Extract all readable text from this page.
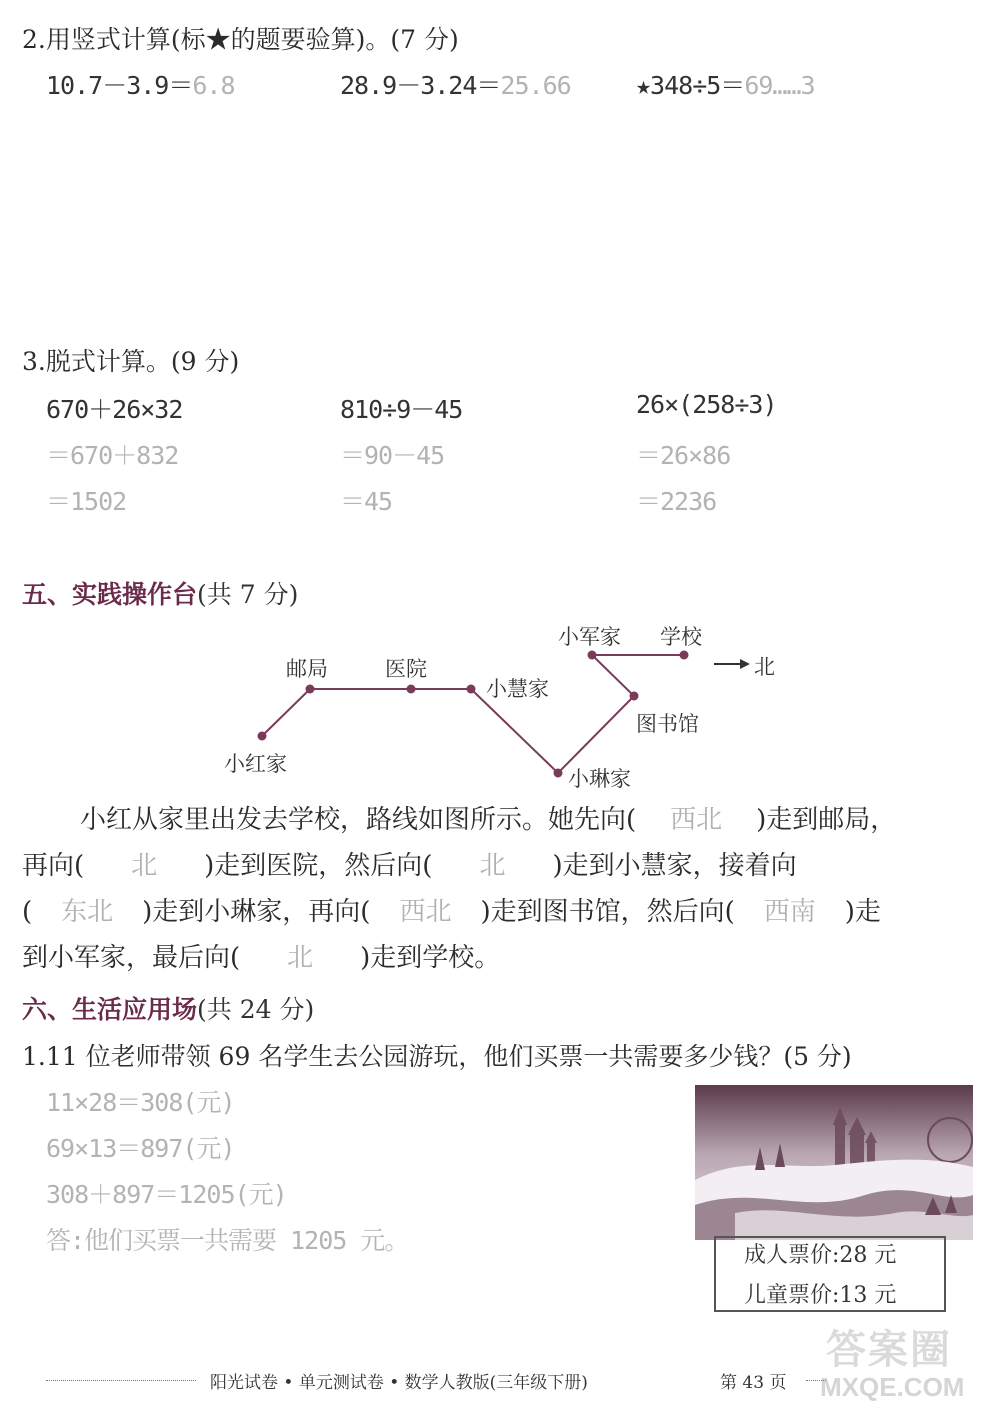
2.用竖式计算(标★的题要验算)。(7 分)
10.7－3.9＝6.8	28.9－3.24＝25.66	★348÷5＝69……3
3.脱式计算。(9 分)
670＋26×32
＝670＋832
＝1502
810÷9－45
＝90－45
＝45
26×(258÷3)
＝26×86
＝2236
五、实践操作台(共 7 分)
小红家
邮局	医院
小慧家
小琳家
图书馆
小军家 学校
北
小红从家里出发去学校，路线如图所示。她先向( 西北 )走到邮局，
再向( 北 )走到医院，然后向( 北 )走到小慧家，接着向
( 东北 )走到小琳家，再向( 西北 )走到图书馆，然后向( 西南 )走
到小军家，最后向( 北 )走到学校。
六、生活应用场(共 24 分)
1.11 位老师带领 69 名学生去公园游玩，他们买票一共需要多少钱？(5 分)
11×28＝308(元)
69×13＝897(元)
308＋897＝1205(元)
答:他们买票一共需要 1205 元。
成人票价:28 元
儿童票价:13 元
答案圈
MXQE.COM
阳光试卷 • 单元测试卷 • 数学人教版(三年级下册)	第 43 页
